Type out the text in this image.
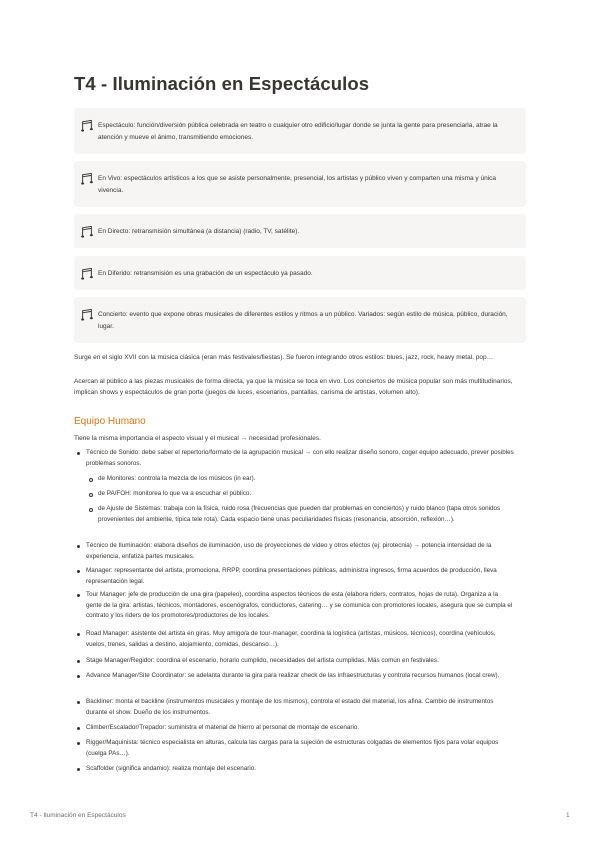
T4 - Iluminación en Espectáculos
Espectáculo: función/diversión pública celebrada en teatro o cualquier otro edificio/lugar donde se junta la gente para presenciarla, atrae la atención y mueve el ánimo, transmitiendo emociones.
En Vivo: espectáculos artísticos a los que se asiste personalmente, presencial, los artistas y público viven y comparten una misma y única vivencia.
En Directo: retransmisión simultánea (a distancia) (radio, TV, satélite).
En Diferido: retransmisión es una grabación de un espectáculo ya pasado.
Concierto: evento que expone obras musicales de diferentes estilos y ritmos a un público. Variados: según estilo de música, público, duración, lugar.

Surge en el siglo XVII con la música clásica (eran más festivales/fiestas). Se fueron integrando otros estilos: blues, jazz, rock, heavy metal, pop…

Acercan al público a las piezas musicales de forma directa, ya que la música se toca en vivo. Los conciertos de música popular son más multitudinarios, implican shows y espectáculos de gran porte (juegos de luces, escenarios, pantallas, carisma de artistas, volumen alto).

Equipo Humano
Tiene la misma importancia el aspecto visual y el musical → necesidad profesionales.
Técnico de Sonido: debe saber el repertorio/formato de la agrupación musical → con ello realizar diseño sonoro, coger equipo adecuado, prever posibles problemas sonoros.
de Monitores: controla la mezcla de los músicos (in ear).
de PA/FOH: monitorea lo que va a escuchar el público.
de Ajuste de Sistemas: trabaja con la física, ruido rosa (frecuencias que pueden dar problemas en conciertos) y ruido blanco (tapa otros sonidos provenientes del ambiente, típica tele rota). Cada espacio tiene unas peculiaridades físicas (resonancia, absorción, reflexión…).
Técnico de Iluminación: elabora diseños de iluminación, uso de proyecciones de vídeo y otros efectos (ej: pirotecnia) → potencia intensidad de la experiencia, enfatiza partes musicales.
Manager: representante del artista, promociona, RRPP, coordina presentaciones públicas, administra ingresos, firma acuerdos de producción, lleva representación legal.
Tour Manager: jefe de producción de una gira (papeleo), coordina aspectos técnicos de esta (elabora riders, contratos, hojas de ruta). Organiza a la gente de la gira: artistas, técnicos, montadores, escenógrafos, conductores, catering… y se comunica con promotores locales, asegura que se cumpla el contrato y los riders de los promotores/productores de los locales.
Road Manager: asistente del artista en giras. Muy amigo/a de tour-manager, coordina la logística (artistas, músicos, técnicos), coordina (vehículos, vuelos, trenes, salidas a destino, alojamiento, comidas, descanso…).
Stage Manager/Regidor: coordina el escenario, horario cumplido, necesidades del artista cumplidas. Más común en festivales.
Advance Manager/Site Coordinator: se adelanta durante la gira para realizar check de las infraestructuras y controla recursos humanos (local crew).
Backliner: monta el backline (instrumentos musicales y montaje de los mismos), controla el estado del material, los afina. Cambio de instrumentos durante el show. Dueño de los instrumentos.
Climber/Escalador/Trepador: suministra el material de hierro al personal de montaje de escenario.
Rigger/Maquinista: técnico especialista en alturas, calcula las cargas para la sujeción de estructuras colgadas de elementos fijos para volar equipos (cuelga PAs…).
Scaffolder (significa andamio): realiza montaje del escenario.
T4 - Iluminación en Espectáculos	1
